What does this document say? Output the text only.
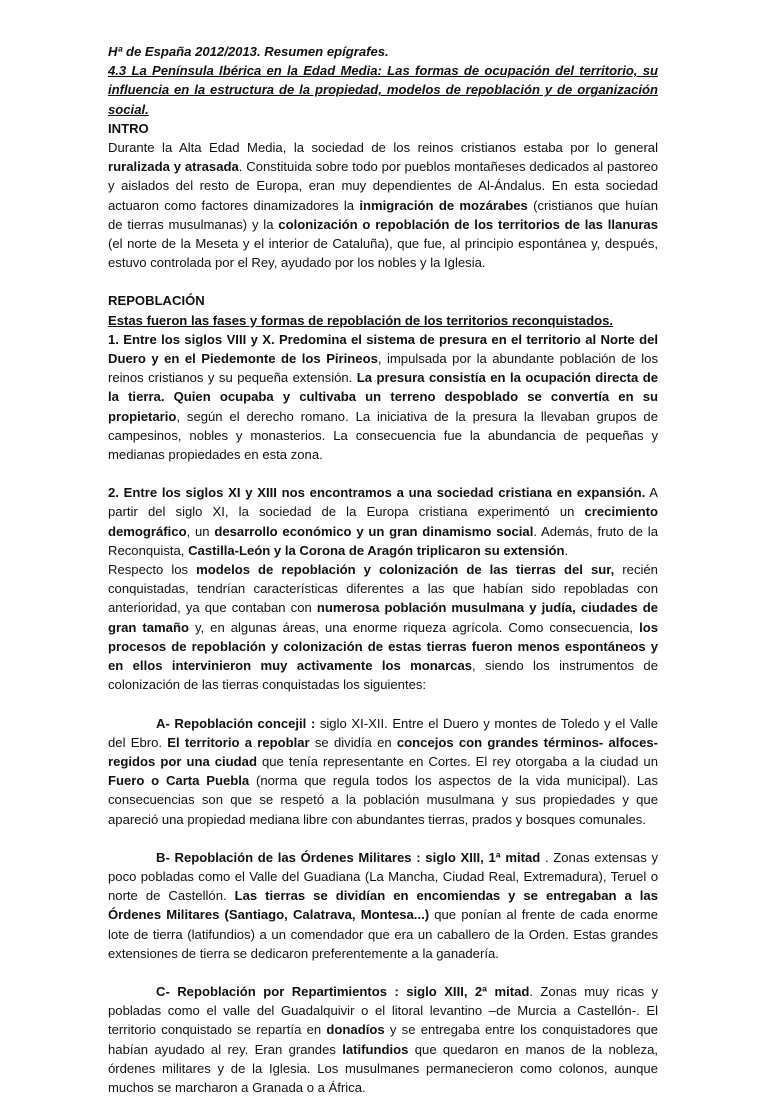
Hª de España 2012/2013. Resumen epígrafes.

4.3 La Península Ibérica en la Edad Media: Las formas de ocupación del territorio, su influencia en la estructura de la propiedad, modelos de repoblación y de organización social.

INTRO

Durante la Alta Edad Media, la sociedad de los reinos cristianos estaba por lo general ruralizada y atrasada. Constituida sobre todo por pueblos montañeses dedicados al pastoreo y aislados del resto de Europa, eran muy dependientes de Al-Ándalus. En esta sociedad actuaron como factores dinamizadores la inmigración de mozárabes (cristianos que huían de tierras musulmanas) y la colonización o repoblación de los territorios de las llanuras (el norte de la Meseta y el interior de Cataluña), que fue, al principio espontánea y, después, estuvo controlada por el Rey, ayudado por los nobles y la Iglesia.

REPOBLACIÓN

Estas fueron las fases y formas de repoblación de los territorios reconquistados.

1. Entre los siglos VIII y X. Predomina el sistema de presura en el territorio al Norte del Duero y en el Piedemonte de los Pirineos, impulsada por la abundante población de los reinos cristianos y su pequeña extensión. La presura consistía en la ocupación directa de la tierra. Quien ocupaba y cultivaba un terreno despoblado se convertía en su propietario, según el derecho romano. La iniciativa de la presura la llevaban grupos de campesinos, nobles y monasterios. La consecuencia fue la abundancia de pequeñas y medianas propiedades en esta zona.

2. Entre los siglos XI y XIII nos encontramos a una sociedad cristiana en expansión. A partir del siglo XI, la sociedad de la Europa cristiana experimentó un crecimiento demográfico, un desarrollo económico y un gran dinamismo social. Además, fruto de la Reconquista, Castilla-León y la Corona de Aragón triplicaron su extensión.

Respecto los modelos de repoblación y colonización de las tierras del sur, recién conquistadas, tendrían características diferentes a las que habían sido repobladas con anterioridad, ya que contaban con numerosa población musulmana y judía, ciudades de gran tamaño y, en algunas áreas, una enorme riqueza agrícola. Como consecuencia, los procesos de repoblación y colonización de estas tierras fueron menos espontáneos y en ellos intervinieron muy activamente los monarcas, siendo los instrumentos de colonización de las tierras conquistadas los siguientes:

A- Repoblación concejil : siglo XI-XII. Entre el Duero y montes de Toledo y el Valle del Ebro. El territorio a repoblar se dividía en concejos con grandes términos- alfoces- regidos por una ciudad que tenía representante en Cortes. El rey otorgaba a la ciudad un Fuero o Carta Puebla (norma que regula todos los aspectos de la vida municipal). Las consecuencias son que se respetó a la población musulmana y sus propiedades y que apareció una propiedad mediana libre con abundantes tierras, prados y bosques comunales.

B- Repoblación de las Órdenes Militares : siglo XIII, 1ª mitad . Zonas extensas y poco pobladas como el Valle del Guadiana (La Mancha, Ciudad Real, Extremadura), Teruel o norte de Castellón. Las tierras se dividían en encomiendas y se entregaban a las Órdenes Militares (Santiago, Calatrava, Montesa...) que ponían al frente de cada enorme lote de tierra (latifundios) a un comendador que era un caballero de la Orden. Estas grandes extensiones de tierra se dedicaron preferentemente a la ganadería.

C- Repoblación por Repartimientos : siglo XIII, 2ª mitad. Zonas muy ricas y pobladas como el valle del Guadalquivir o el litoral levantino –de Murcia a Castellón-. El territorio conquistado se repartía en donadíos y se entregaba entre los conquistadores que habían ayudado al rey. Eran grandes latifundios que quedaron en manos de la nobleza, órdenes militares y de la Iglesia. Los musulmanes permanecieron como colonos, aunque muchos se marcharon a Granada o a África.
